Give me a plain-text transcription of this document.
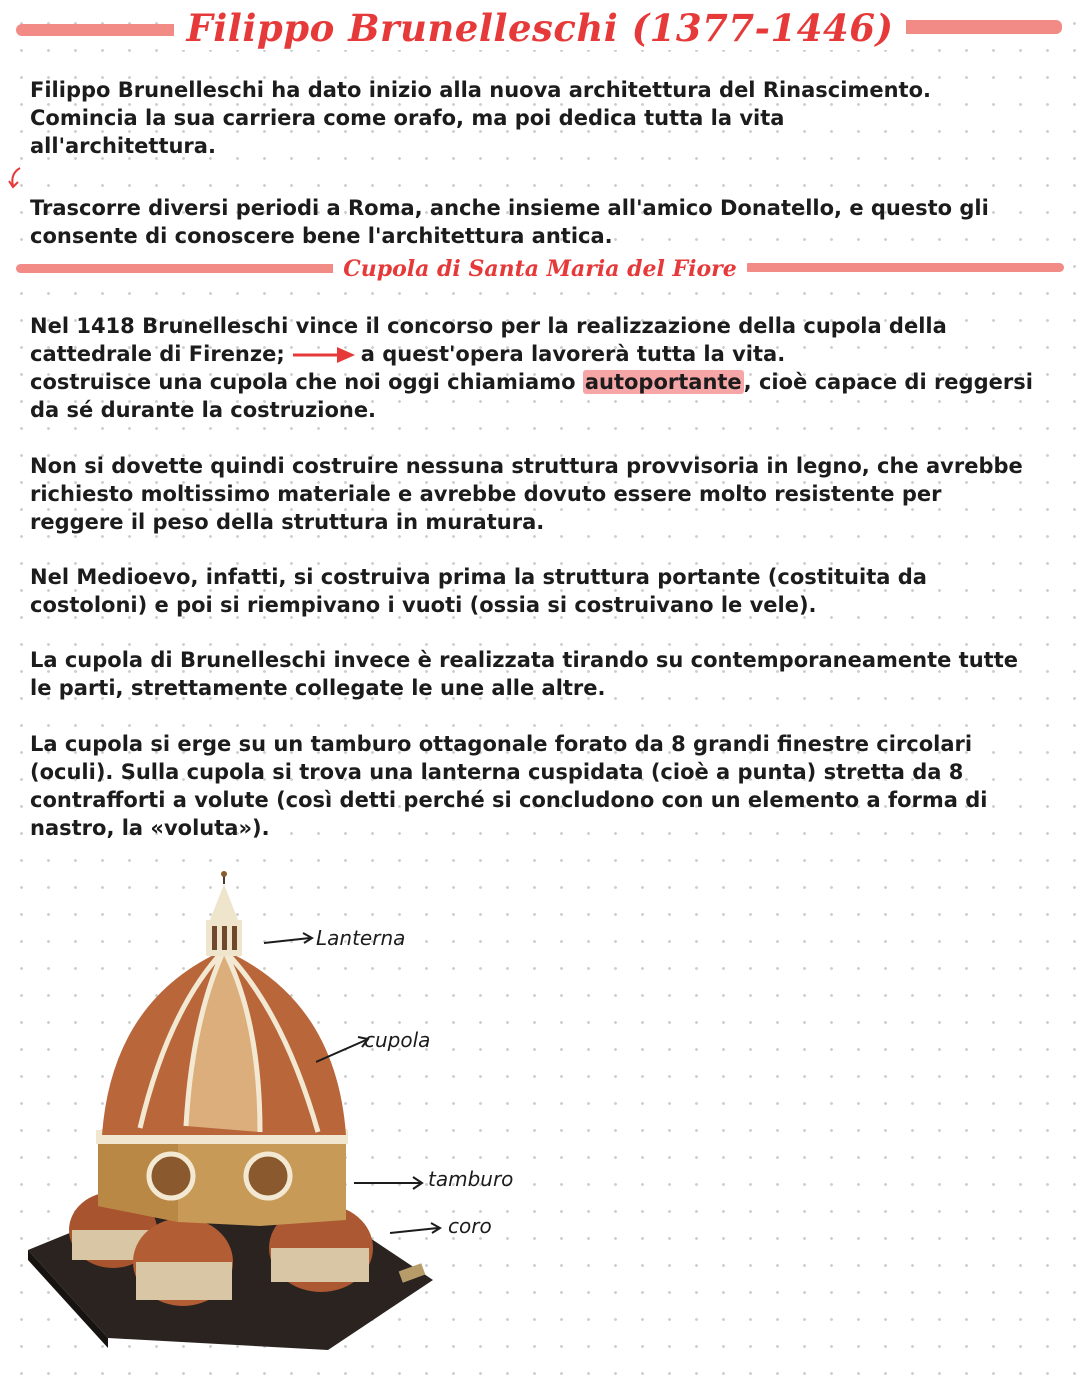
Filippo Brunelleschi (1377-1446)

Filippo Brunelleschi ha dato inizio alla nuova architettura del Rinascimento. Comincia la sua carriera come orafo, ma poi dedica tutta la vita all'architettura.

Trascorre diversi periodi a Roma, anche insieme all'amico Donatello, e questo gli consente di conoscere bene l'architettura antica.

Cupola di Santa Maria del Fiore

Nel 1418 Brunelleschi vince il concorso per la realizzazione della cupola della cattedrale di Firenze;	a quest'opera lavorerà tutta la vita.
costruisce una cupola che noi oggi chiamiamo autoportante, cioè capace di reggersi da sé durante la costruzione.

Non si dovette quindi costruire nessuna struttura provvisoria in legno, che avrebbe richiesto moltissimo materiale e avrebbe dovuto essere molto resistente per reggere il peso della struttura in muratura.

Nel Medioevo, infatti, si costruiva prima la struttura portante (costituita da costoloni) e poi si riempivano i vuoti (ossia si costruivano le vele).

La cupola di Brunelleschi invece è realizzata tirando su contemporaneamente tutte le parti, strettamente collegate le une alle altre.

La cupola si erge su un tamburo ottagonale forato da 8 grandi finestre circolari (oculi). Sulla cupola si trova una lanterna cuspidata (cioè a punta) stretta da 8 contrafforti a volute (così detti perché si concludono con un elemento a forma di nastro, la «voluta»).

Lanterna
cupola
tamburo
coro
